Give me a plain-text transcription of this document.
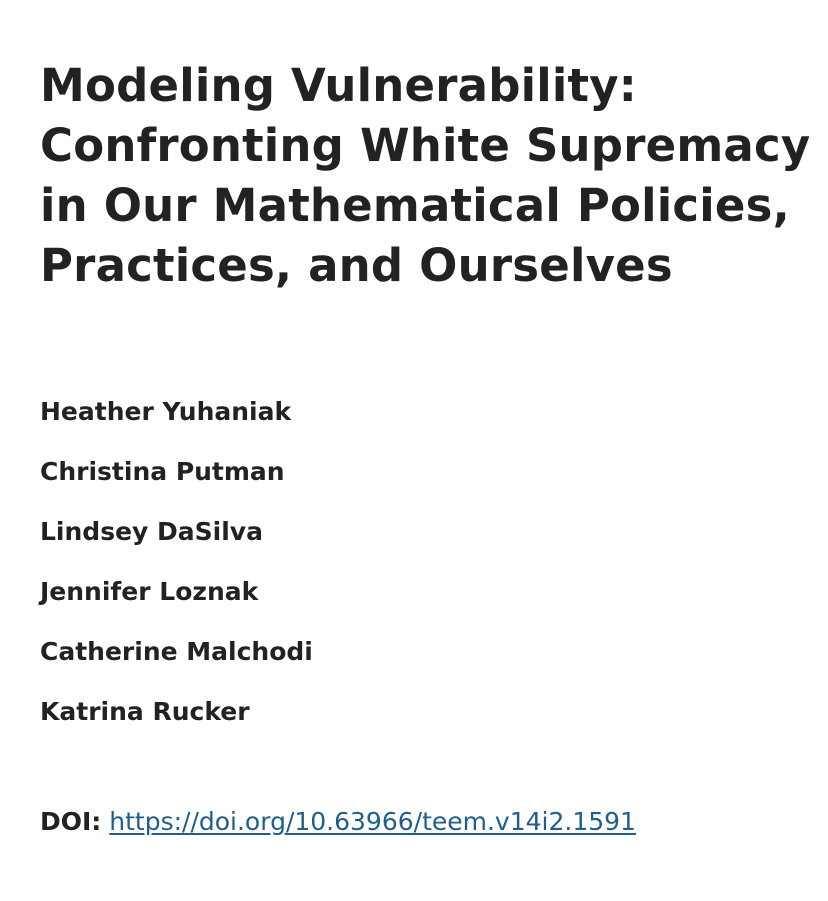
Modeling Vulnerability:
Confronting White Supremacy
in Our Mathematical Policies,
Practices, and Ourselves
Heather Yuhaniak
Christina Putman
Lindsey DaSilva
Jennifer Loznak
Catherine Malchodi
Katrina Rucker
DOI: https://doi.org/10.63966/teem.v14i2.1591
